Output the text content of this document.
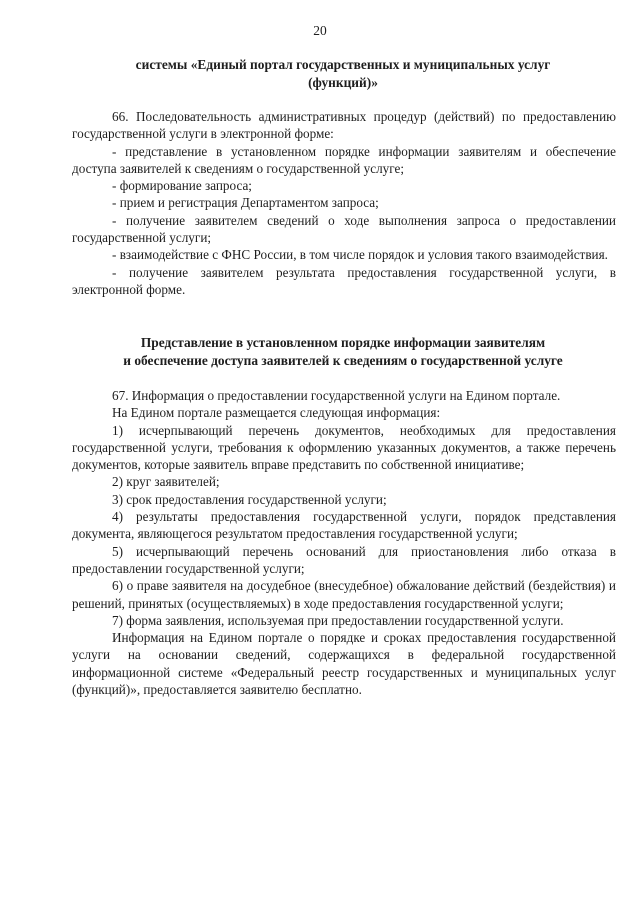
20
системы «Единый портал государственных и муниципальных услуг
(функций)»

66. Последовательность административных процедур (действий) по предоставлению государственной услуги в электронной форме:

- представление в установленном порядке информации заявителям и обеспечение доступа заявителей к сведениям о государственной услуге;

- формирование запроса;

- прием и регистрация Департаментом запроса;

- получение заявителем сведений о ходе выполнения запроса о предоставлении государственной услуги;

- взаимодействие с ФНС России, в том числе порядок и условия такого взаимодействия.

- получение заявителем результата предоставления государственной услуги, в электронной форме.

Представление в установленном порядке информации заявителям
и обеспечение доступа заявителей к сведениям о государственной услуге

67. Информация о предоставлении государственной услуги на Едином портале.

На Едином портале размещается следующая информация:

1) исчерпывающий перечень документов, необходимых для предоставления государственной услуги, требования к оформлению указанных документов, а также перечень документов, которые заявитель вправе представить по собственной инициативе;

2) круг заявителей;

3) срок предоставления государственной услуги;

4) результаты предоставления государственной услуги, порядок представления документа, являющегося результатом предоставления государственной услуги;

5) исчерпывающий перечень оснований для приостановления либо отказа в предоставлении государственной услуги;

6) о праве заявителя на досудебное (внесудебное) обжалование действий (бездействия) и решений, принятых (осуществляемых) в ходе предоставления государственной услуги;

7) форма заявления, используемая при предоставлении государственной услуги.

Информация на Едином портале о порядке и сроках предоставления государственной услуги на основании сведений, содержащихся в федеральной государственной информационной системе «Федеральный реестр государственных и муниципальных услуг (функций)», предоставляется заявителю бесплатно.
